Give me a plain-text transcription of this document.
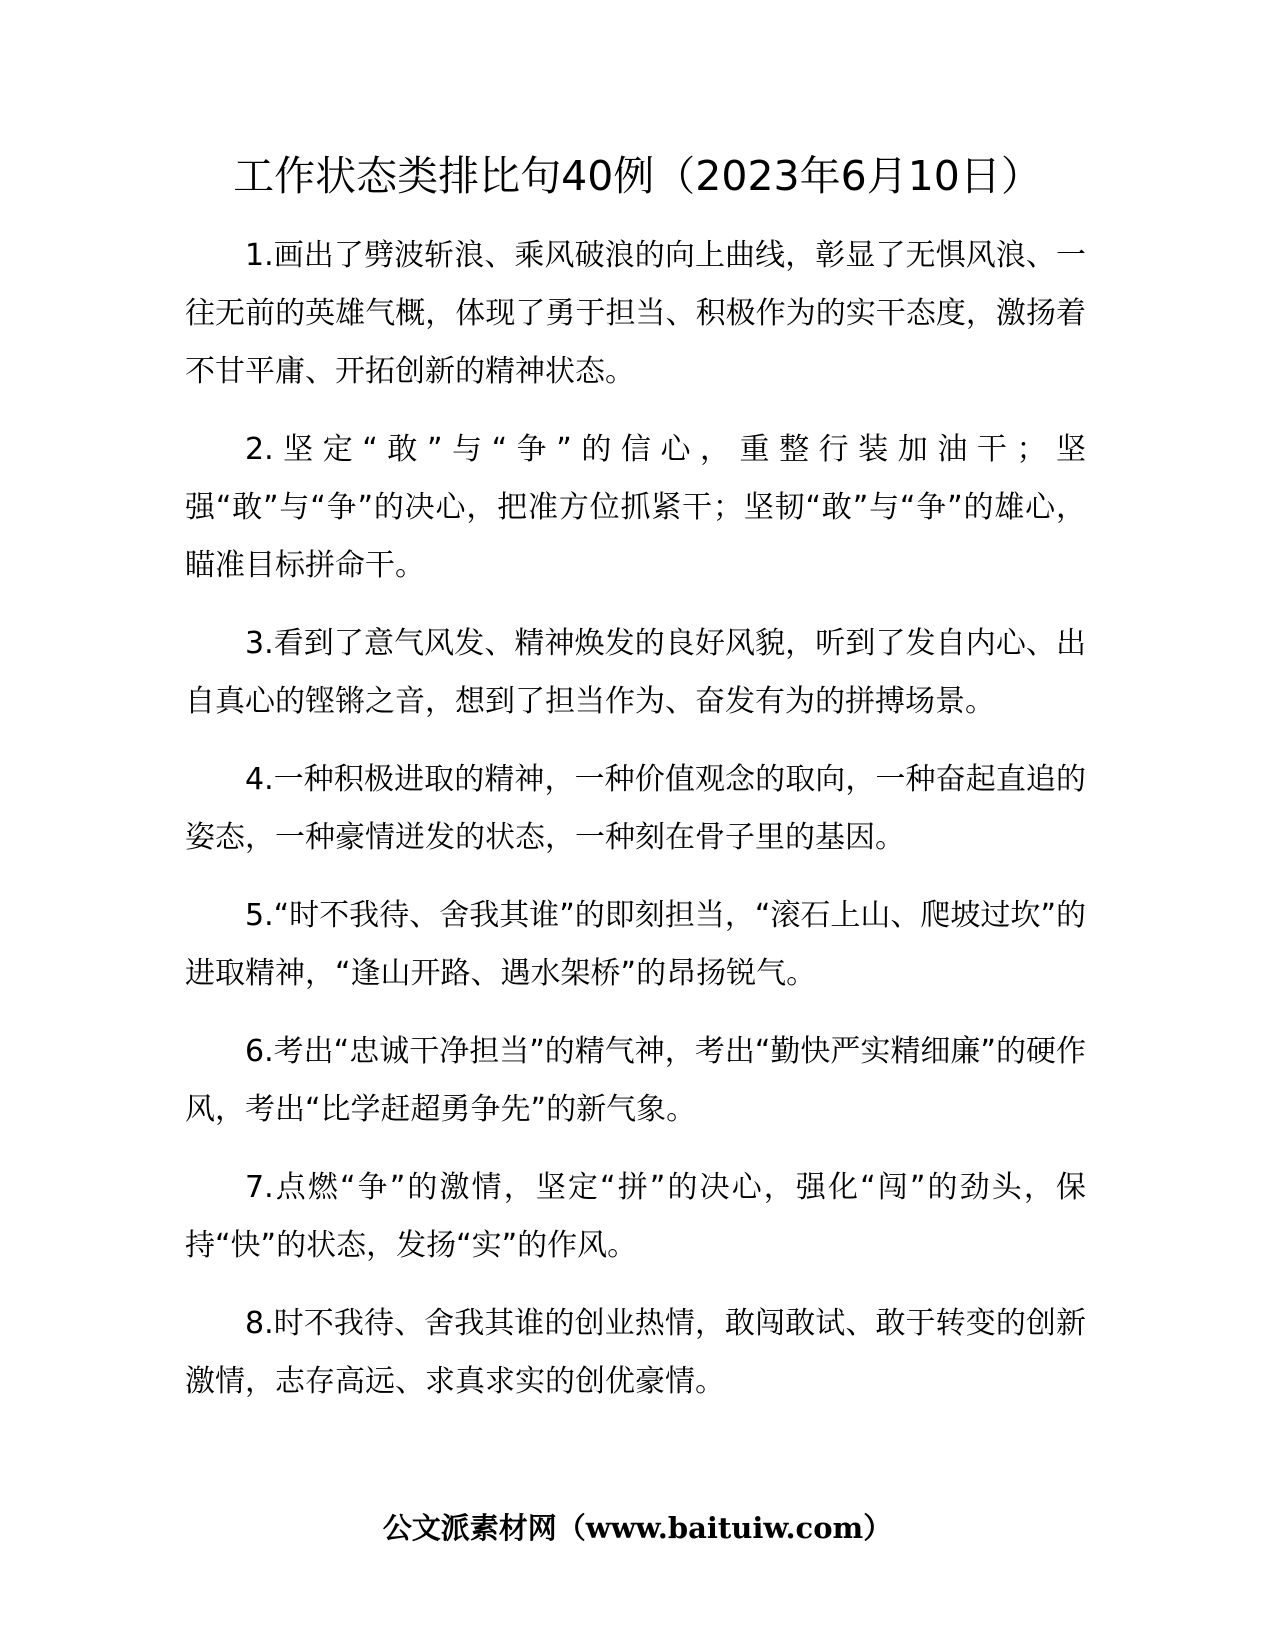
工作状态类排比句40例（2023年6月10日）

1.画出了劈波斩浪、乘风破浪的向上曲线，彰显了无惧风浪、一往无前的英雄气概，体现了勇于担当、积极作为的实干态度，激扬着不甘平庸、开拓创新的精神状态。

2.坚定“敢”与“争”的信心，重整行装加油干；坚强“敢”与“争”的决心，把准方位抓紧干；坚韧“敢”与“争”的雄心，瞄准目标拼命干。

3.看到了意气风发、精神焕发的良好风貌，听到了发自内心、出自真心的铿锵之音，想到了担当作为、奋发有为的拼搏场景。

4.一种积极进取的精神，一种价值观念的取向，一种奋起直追的姿态，一种豪情迸发的状态，一种刻在骨子里的基因。

5.“时不我待、舍我其谁”的即刻担当，“滚石上山、爬坡过坎”的进取精神，“逢山开路、遇水架桥”的昂扬锐气。

6.考出“忠诚干净担当”的精气神，考出“勤快严实精细廉”的硬作风，考出“比学赶超勇争先”的新气象。

7.点燃“争”的激情，坚定“拼”的决心，强化“闯”的劲头，保持“快”的状态，发扬“实”的作风。

8.时不我待、舍我其谁的创业热情，敢闯敢试、敢于转变的创新激情，志存高远、求真求实的创优豪情。

公文派素材网（www.baituiw.com）
